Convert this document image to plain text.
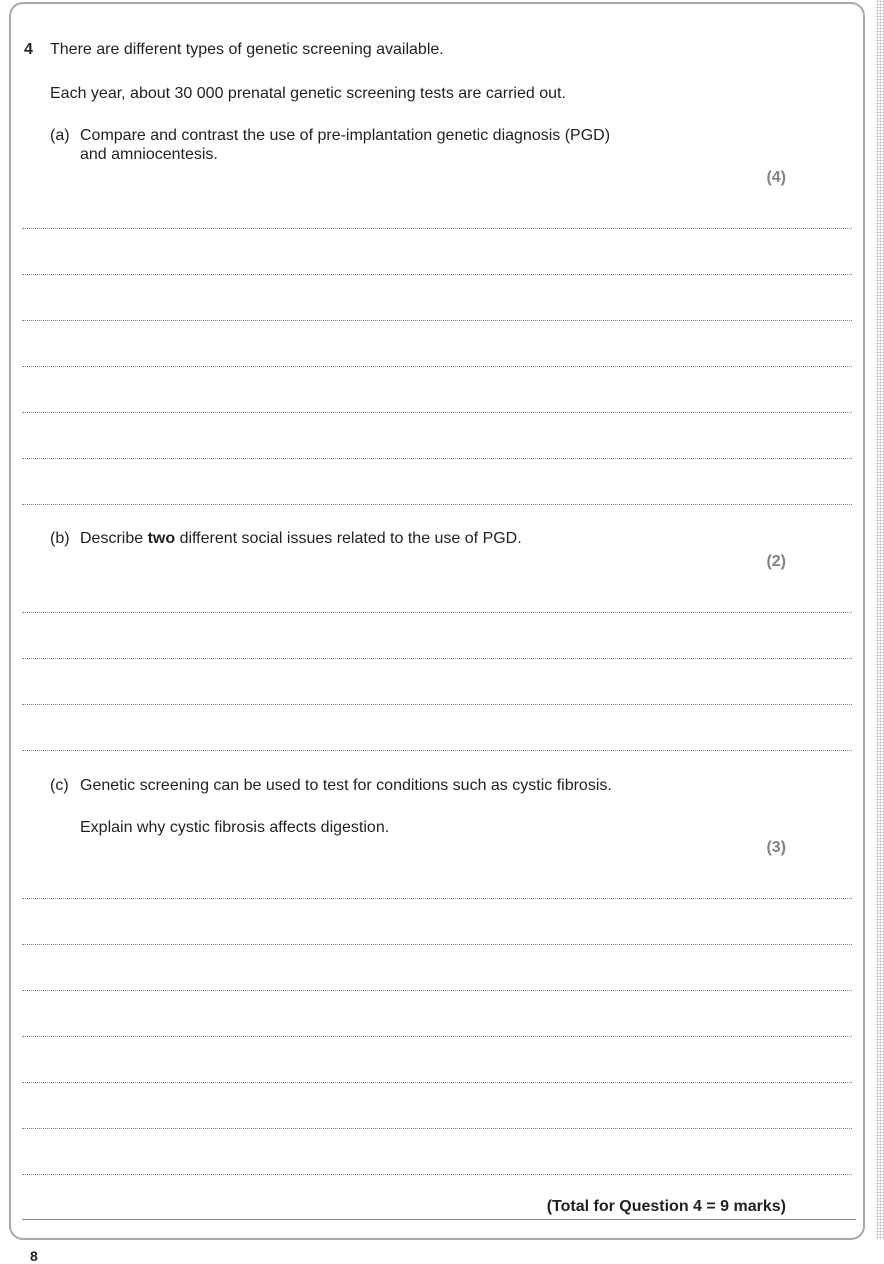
4 There are different types of genetic screening available.
Each year, about 30 000 prenatal genetic screening tests are carried out.
(a) Compare and contrast the use of pre-implantation genetic diagnosis (PGD)
and amniocentesis.
(4)
(b) Describe two different social issues related to the use of PGD.
(2)
(c) Genetic screening can be used to test for conditions such as cystic fibrosis.
Explain why cystic fibrosis affects digestion.
(3)
(Total for Question 4 = 9 marks)
8
